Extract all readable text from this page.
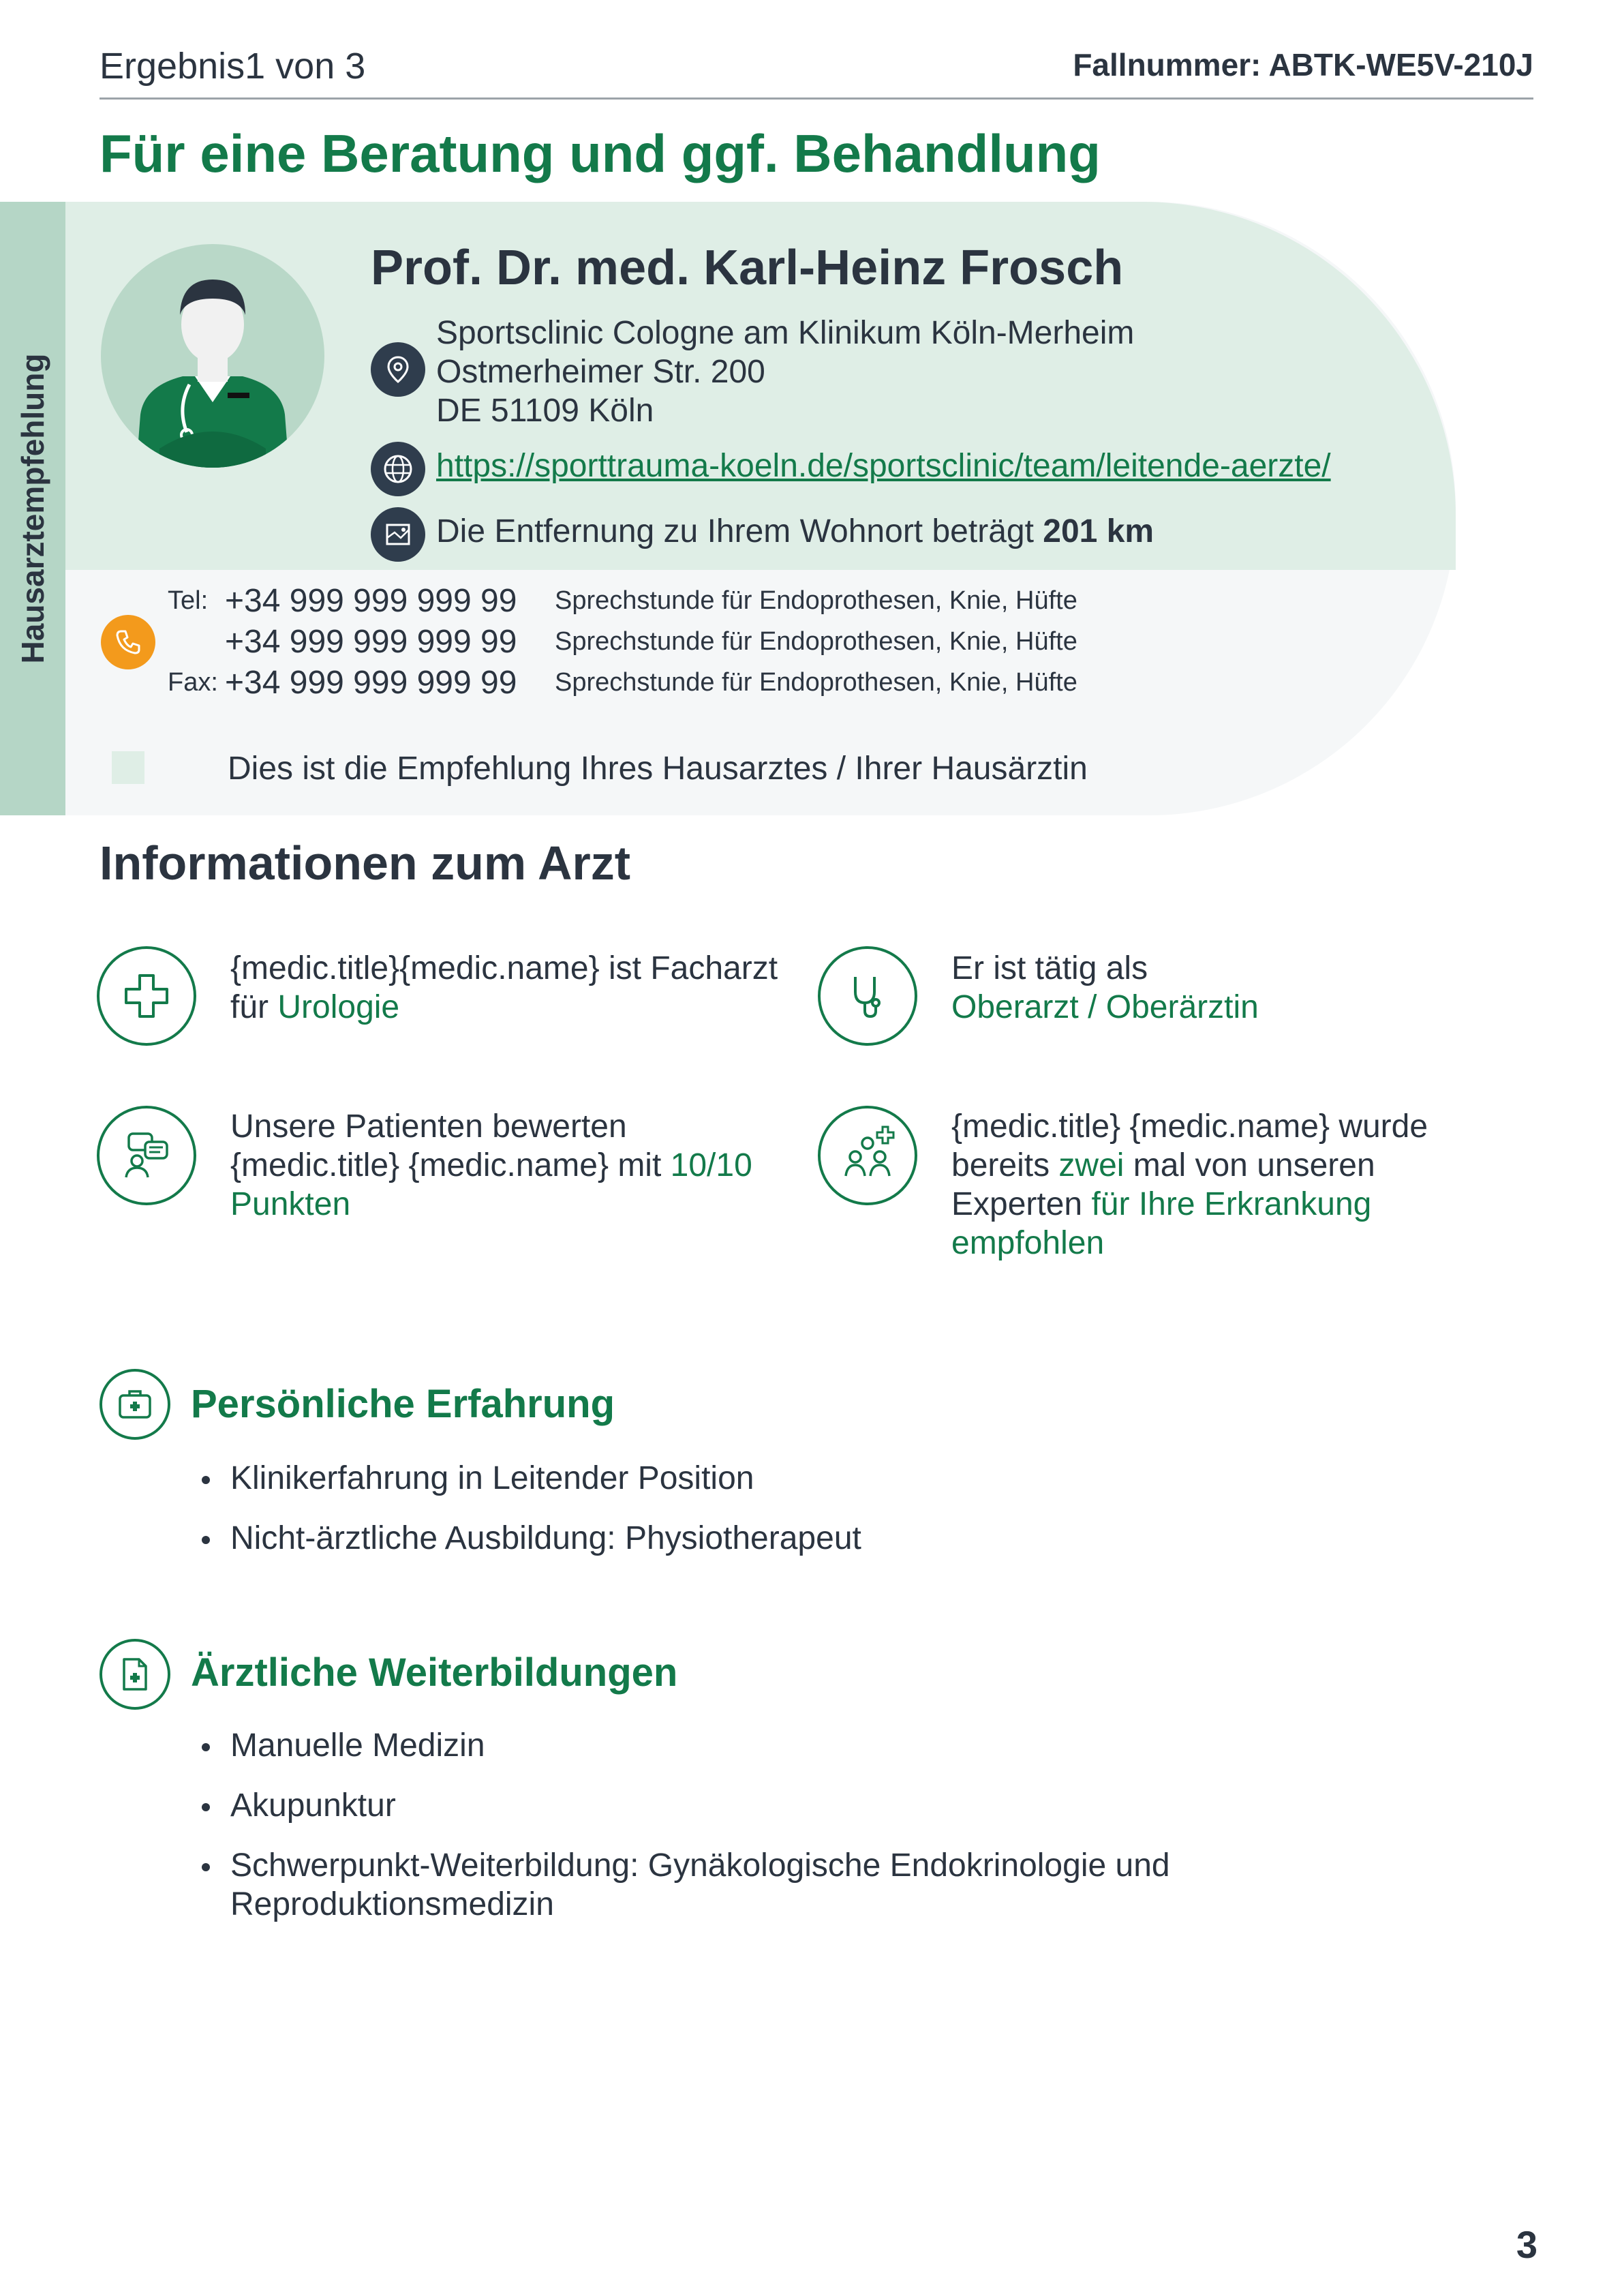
Ergebnis1 von 3	Fallnummer: ABTK-WE5V-210J
Für eine Beratung und ggf. Behandlung
Hausarztempfehlung
Prof. Dr. med. Karl-Heinz Frosch
Sportsclinic Cologne am Klinikum Köln-Merheim
Ostmerheimer Str. 200
DE 51109 Köln
https://sporttrauma-koeln.de/sportsclinic/team/leitende-aerzte/
Die Entfernung zu Ihrem Wohnort beträgt 201 km
Tel: +34 999 999 999 99 Sprechstunde für Endoprothesen, Knie, Hüfte
+34 999 999 999 99 Sprechstunde für Endoprothesen, Knie, Hüfte
Fax: +34 999 999 999 99 Sprechstunde für Endoprothesen, Knie, Hüfte
Dies ist die Empfehlung Ihres Hausarztes / Ihrer Hausärztin
Informationen zum Arzt
{medic.title}{medic.name} ist Facharzt für Urologie
Er ist tätig als
Oberarzt / Oberärztin
Unsere Patienten bewerten {medic.title} {medic.name} mit 10/10 Punkten
{medic.title} {medic.name} wurde bereits zwei mal von unseren Experten für Ihre Erkrankung empfohlen
Persönliche Erfahrung
Klinikerfahrung in Leitender Position
Nicht-ärztliche Ausbildung: Physiotherapeut
Ärztliche Weiterbildungen
Manuelle Medizin
Akupunktur
Schwerpunkt-Weiterbildung: Gynäkologische Endokrinologie und Reproduktionsmedizin
3
